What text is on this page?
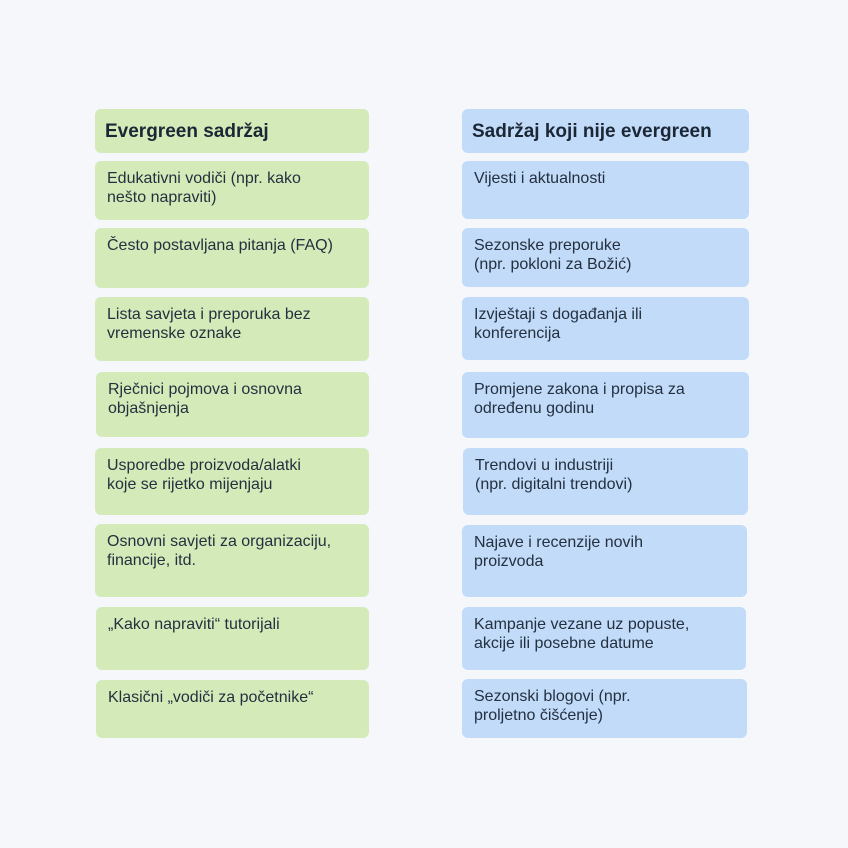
Evergreen sadržaj
Edukativni vodiči (npr. kako
nešto napraviti)
Često postavljana pitanja (FAQ)
Lista savjeta i preporuka bez
vremenske oznake
Rječnici pojmova i osnovna
objašnjenja
Usporedbe proizvoda/alatki
koje se rijetko mijenjaju
Osnovni savjeti za organizaciju,
financije, itd.
„Kako napraviti“ tutorijali
Klasični „vodiči za početnike“
Sadržaj koji nije evergreen
Vijesti i aktualnosti
Sezonske preporuke
(npr. pokloni za Božić)
Izvještaji s događanja ili
konferencija
Promjene zakona i propisa za
određenu godinu
Trendovi u industriji
(npr. digitalni trendovi)
Najave i recenzije novih
proizvoda
Kampanje vezane uz popuste,
akcije ili posebne datume
Sezonski blogovi (npr.
proljetno čišćenje)
